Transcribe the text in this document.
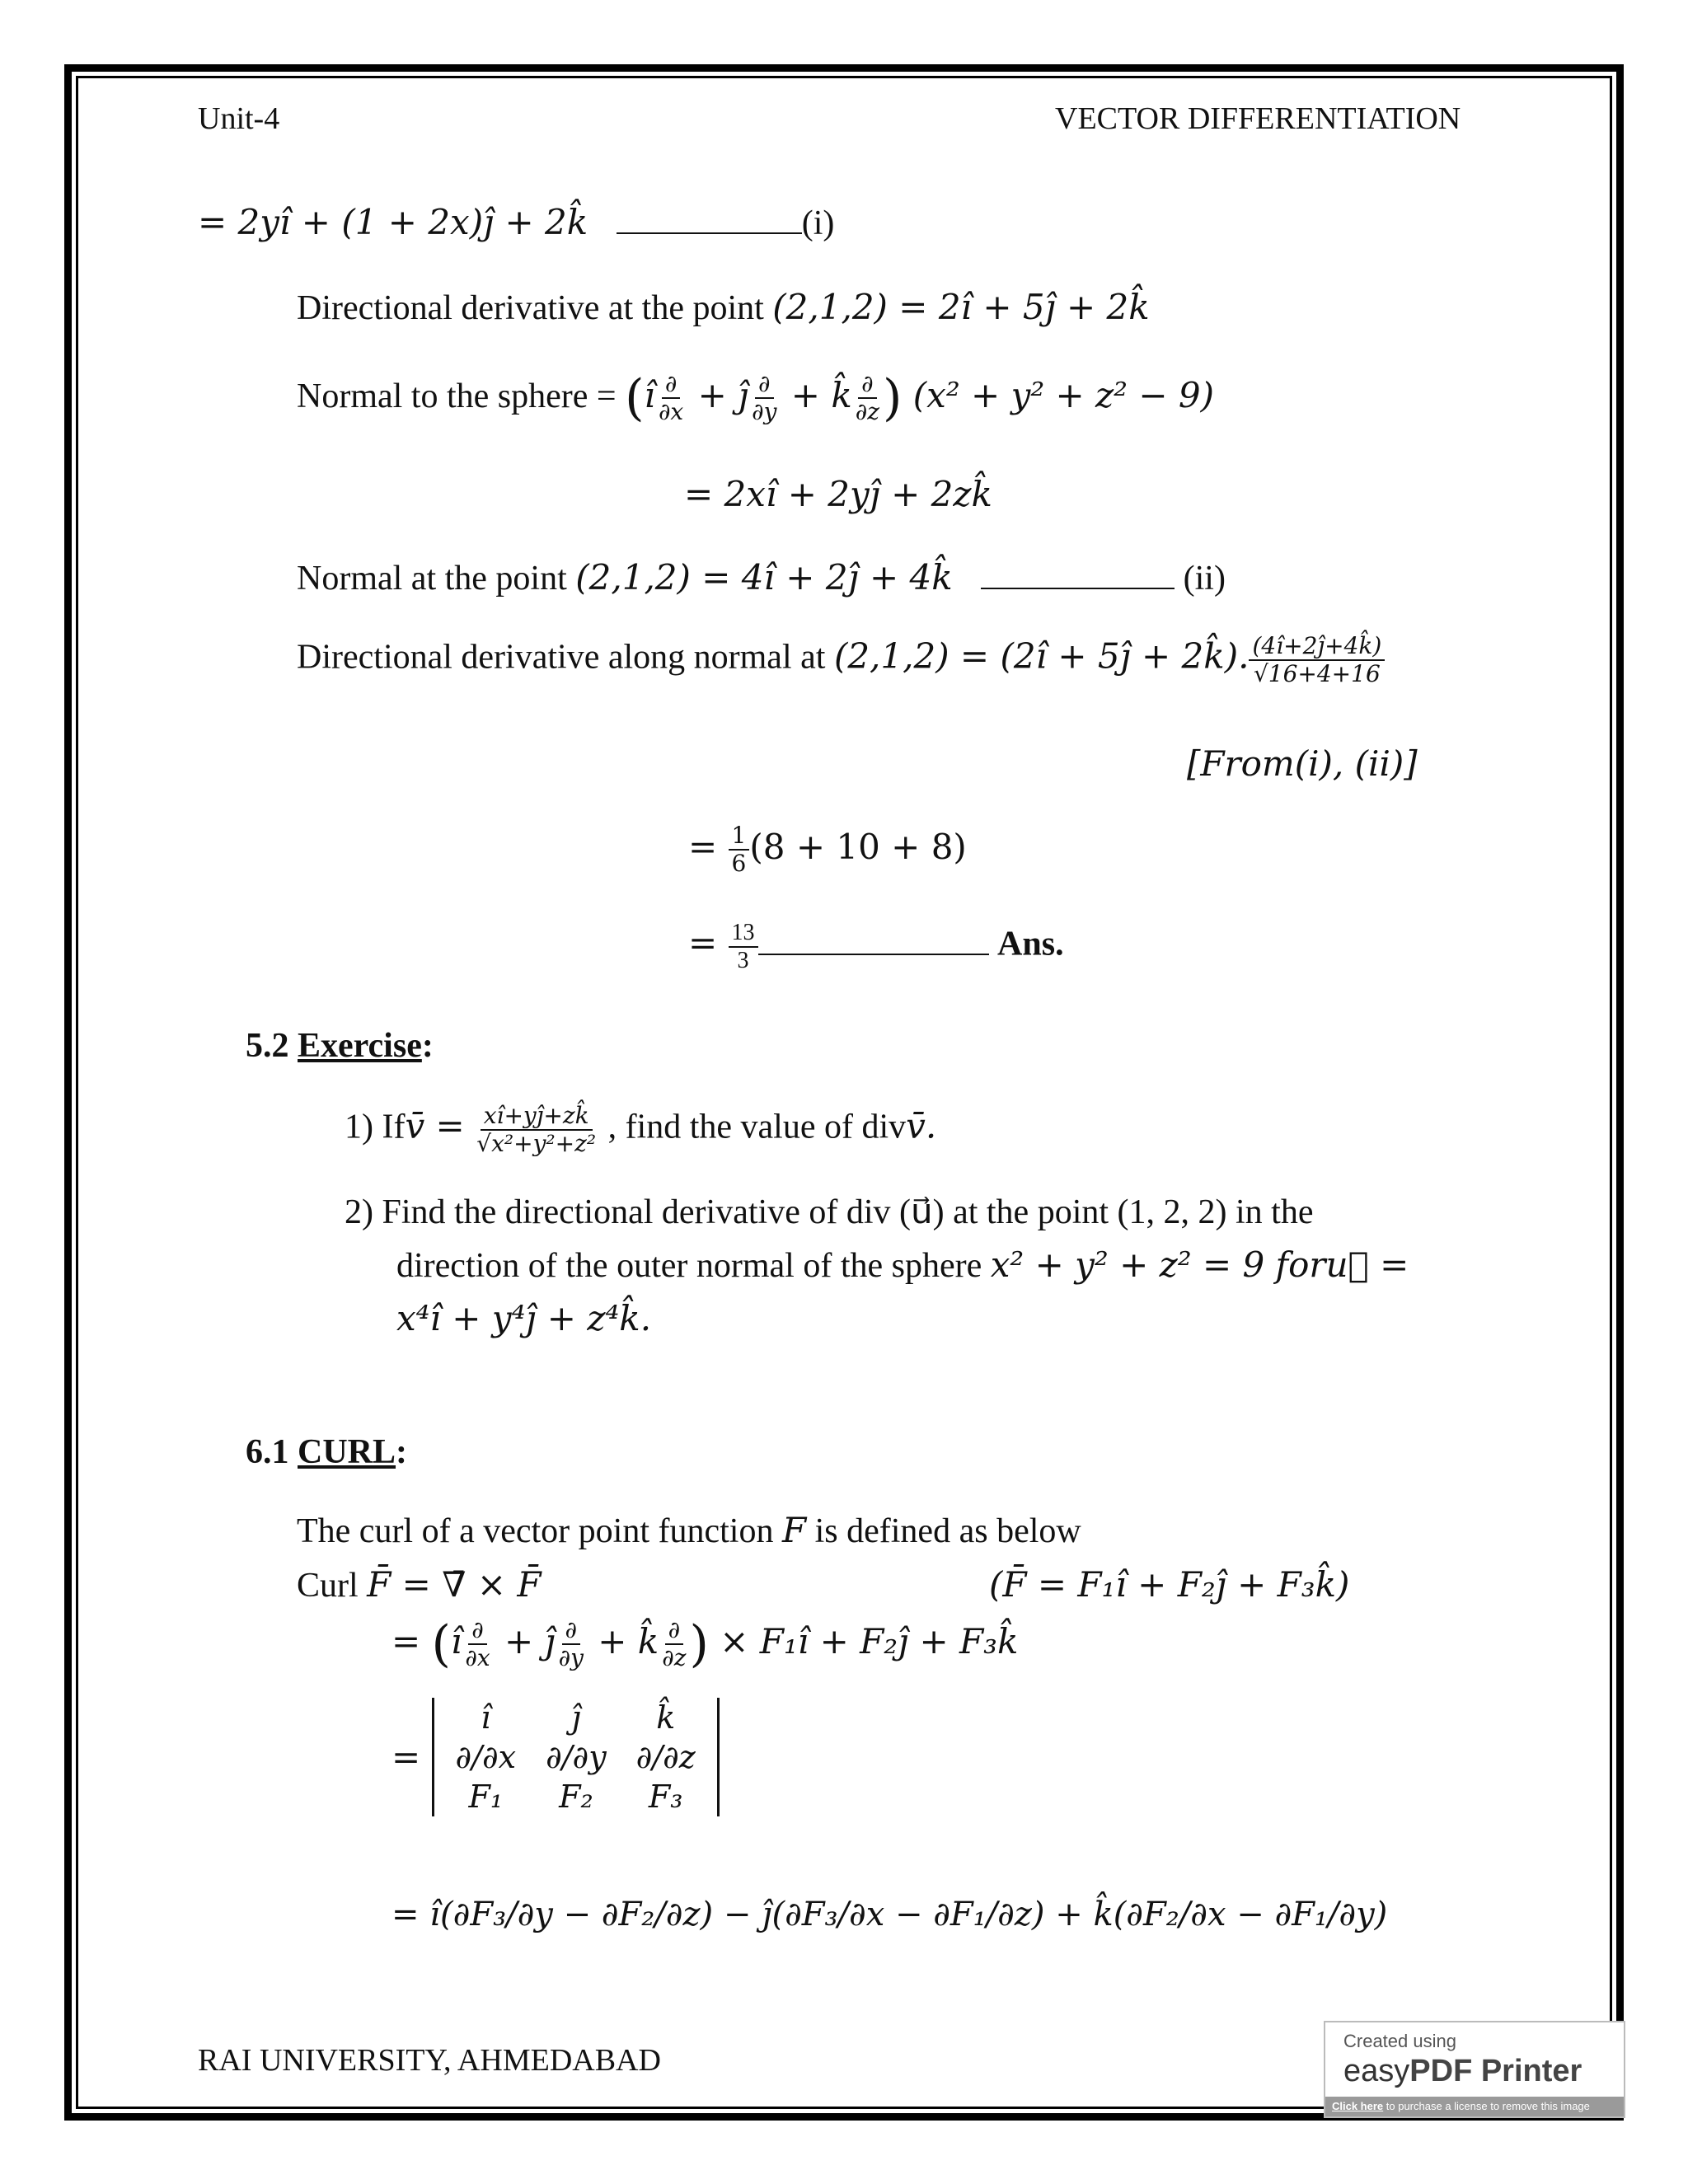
Unit-4	VECTOR DIFFERENTIATION
= 2yî + (1 + 2x)ĵ + 2k̂	(i)
Directional derivative at the point (2,1,2) = 2î + 5ĵ + 2k̂
Normal to the sphere = (î $\frac{\partial}{\partial x}$ + ĵ $\frac{\partial}{\partial y}$ + k̂ $\frac{\partial}{\partial z}$ ) (x² + y² + z² − 9)
= 2xî + 2yĵ + 2zk̂
Normal at the point (2,1,2) = 4î + 2ĵ + 4k̂	(ii)
Directional derivative along normal at (2,1,2) = (2î + 5ĵ + 2k̂). $\frac{(4î+2ĵ+4k̂)}{√16+4+16}$
[From(i), (ii)]
= $\frac{1}{6} (8 + 10 + 8)$
= $\frac{13}{3}$	Ans.
5.2 Exercise:
1) Ifv̄ = $\frac{xî+yĵ+zk̂}{\text{√x²+y²+z²}}$ , find the value of divv̄.
2) Find the directional derivative of div (u⃗) at the point (1, 2, 2) in the
direction of the outer normal of the sphere x² + y² + z² = 9 foru⃗ =
x⁴î + y⁴ĵ + z⁴k̂.
6.1 CURL:
The curl of a vector point function F is defined as below
Curl F̄ = ∇̄ × F̄	(F̄ = F₁î + F₂ĵ + F₃k̂)
= (î $\frac{\partial}{\partial x}$ + ĵ $\frac{\partial}{\partial y}$ + k̂ $\frac{\partial}{\partial z}$ ) × F₁î + F₂ĵ + F₃k̂
=
î	ĵ	k̂
∂/∂x	∂/∂y	∂/∂z
F₁	F₂	F₃
= î(∂F₃/∂y − ∂F₂/∂z) − ĵ(∂F₃/∂x − ∂F₁/∂z) + k̂(∂F₂/∂x − ∂F₁/∂y)
RAI UNIVERSITY, AHMEDABAD
Created using
easyPDF Printer
Click here to purchase a license to remove this image
